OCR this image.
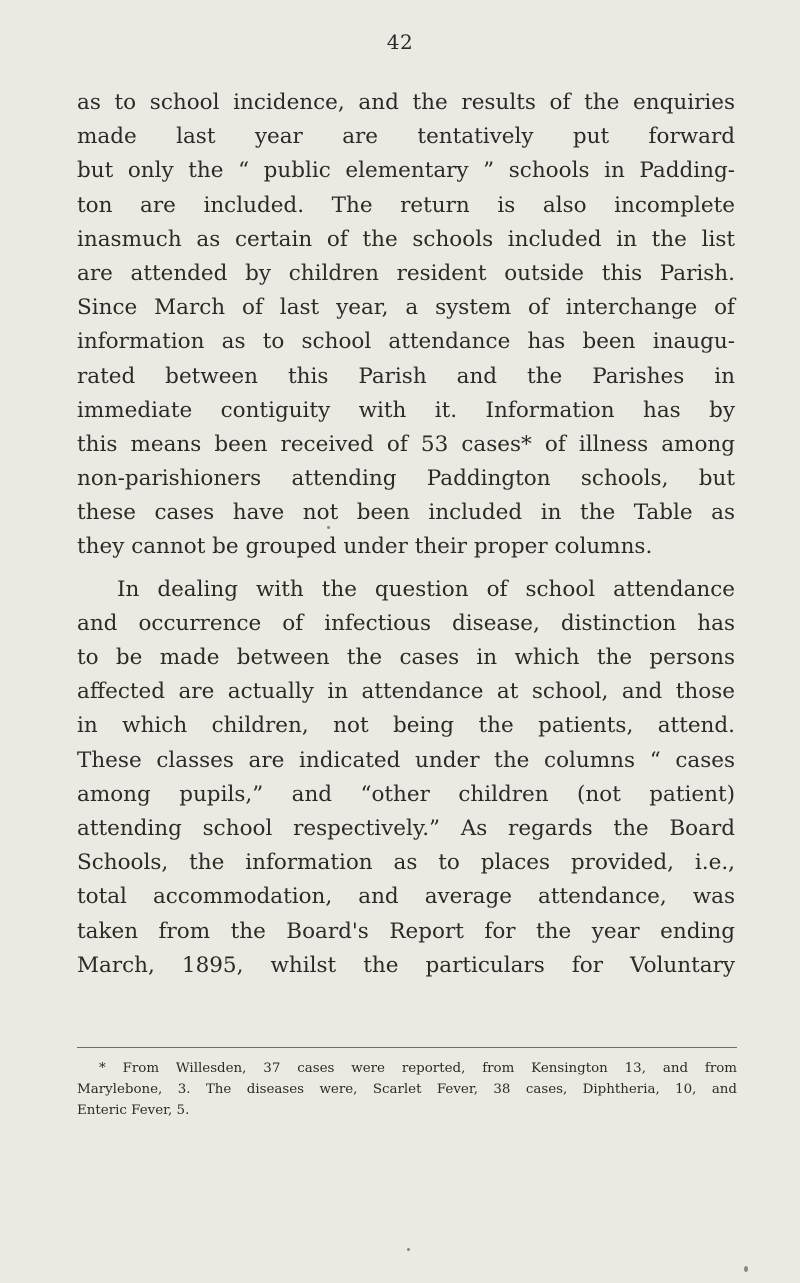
42
as to school incidence, and the results of the enquiries
made last year are tentatively put forward
but only the “ public elementary ” schools in Padding-
ton are included. The return is also incomplete
inasmuch as certain of the schools included in the list
are attended by children resident outside this Parish.
Since March of last year, a system of interchange of
information as to school attendance has been inaugu-
rated between this Parish and the Parishes in
immediate contiguity with it. Information has by
this means been received of 53 cases* of illness among
non-parishioners attending Paddington schools, but
these cases have not been included in the Table as
they cannot be grouped under their proper columns.
In dealing with the question of school attendance
and occurrence of infectious disease, distinction has
to be made between the cases in which the persons
affected are actually in attendance at school, and those
in which children, not being the patients, attend.
These classes are indicated under the columns “ cases
among pupils,” and “other children (not patient)
attending school respectively.” As regards the Board
Schools, the information as to places provided, i.e.,
total accommodation, and average attendance, was
taken from the Board's Report for the year ending
March, 1895, whilst the particulars for Voluntary
* From Willesden, 37 cases were reported, from Kensington 13, and from
Marylebone, 3. The diseases were, Scarlet Fever, 38 cases, Diphtheria, 10, and
Enteric Fever, 5.
